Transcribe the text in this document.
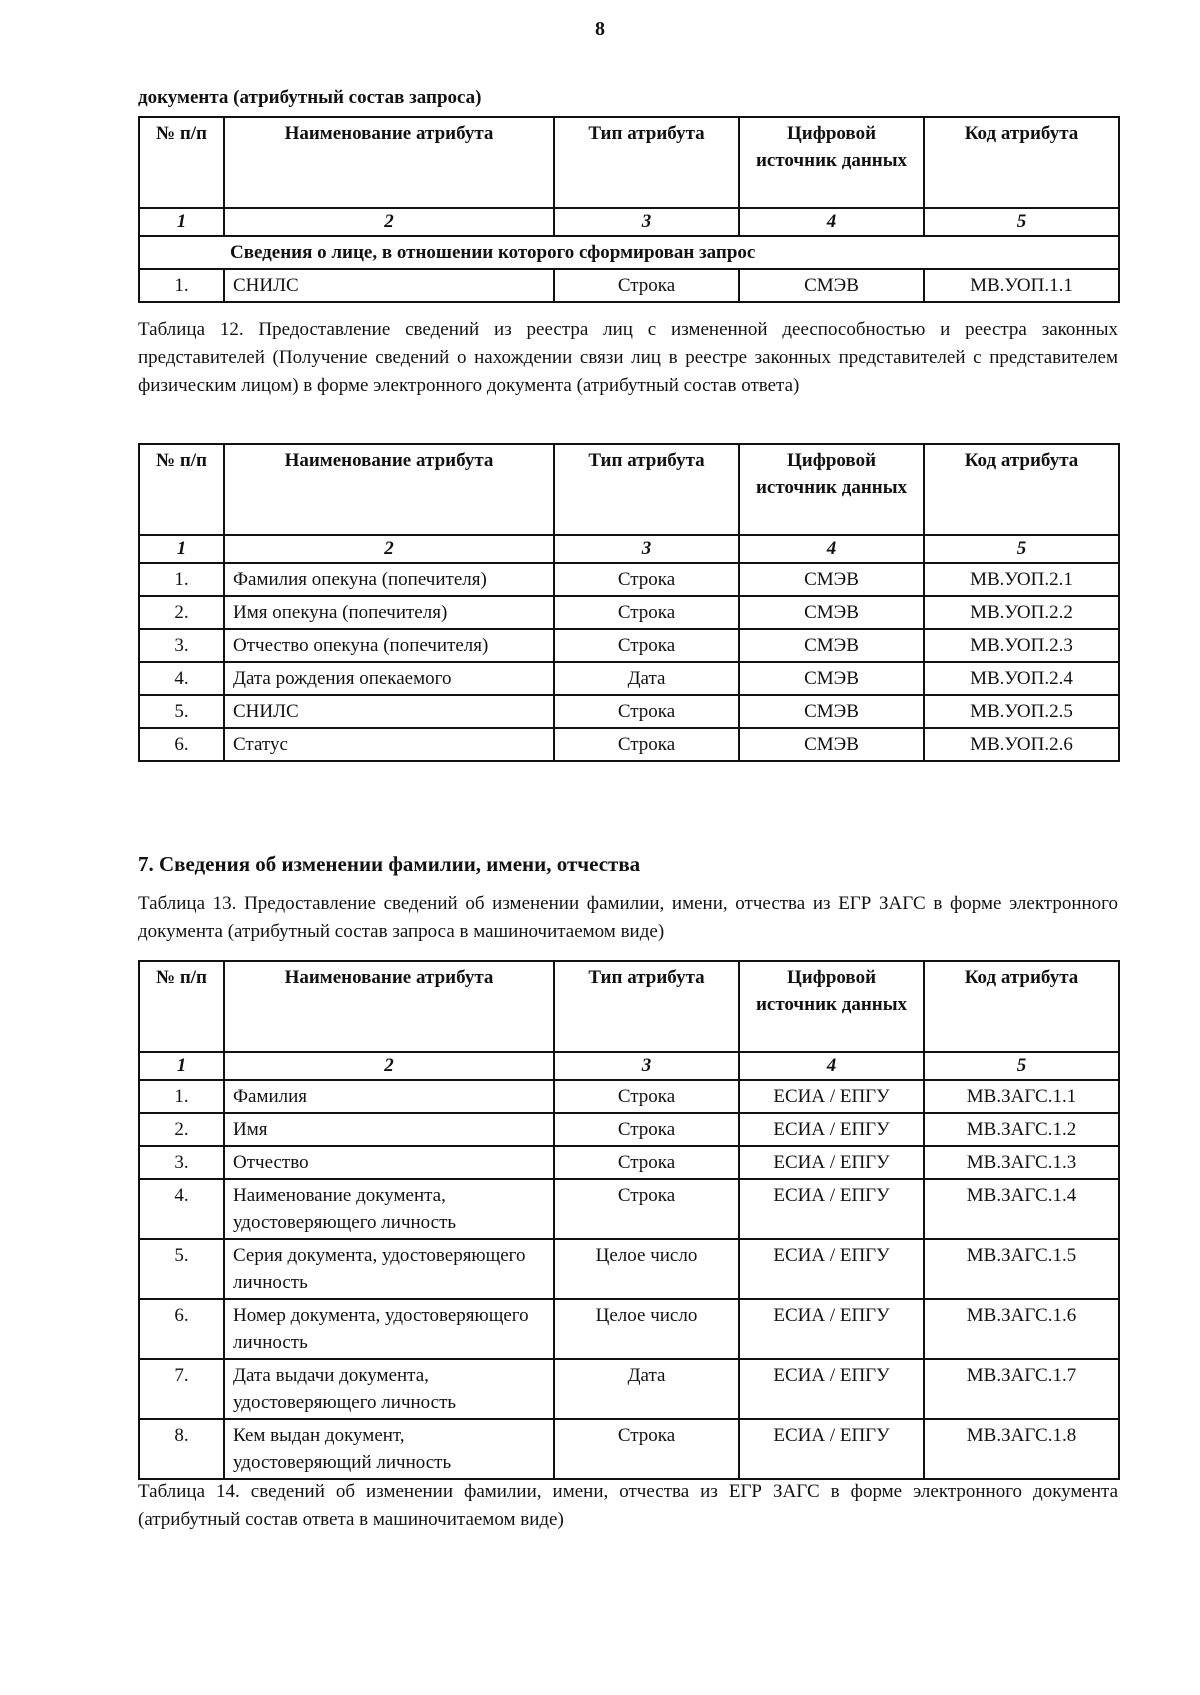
8

документа (атрибутный состав запроса)

№ п/п	Наименование атрибута	Тип атрибута	Цифровой источник данных	Код атрибута
1	2	3	4	5
Сведения о лице, в отношении которого сформирован запрос				
1.	СНИЛС	Строка	СМЭВ	МВ.УОП.1.1

Таблица 12. Предоставление сведений из реестра лиц с измененной дееспособностью и реестра законных представителей (Получение сведений о нахождении связи лиц в реестре законных представителей с представителем физическим лицом) в форме электронного документа (атрибутный состав ответа)

№ п/п	Наименование атрибута	Тип атрибута	Цифровой источник данных	Код атрибута
1	2	3	4	5
1.	Фамилия опекуна (попечителя)	Строка	СМЭВ	МВ.УОП.2.1
2.	Имя опекуна (попечителя)	Строка	СМЭВ	МВ.УОП.2.2
3.	Отчество опекуна (попечителя)	Строка	СМЭВ	МВ.УОП.2.3
4.	Дата рождения опекаемого	Дата	СМЭВ	МВ.УОП.2.4
5.	СНИЛС	Строка	СМЭВ	МВ.УОП.2.5
6.	Статус	Строка	СМЭВ	МВ.УОП.2.6
7. Сведения об изменении фамилии, имени, отчества

Таблица 13. Предоставление сведений об изменении фамилии, имени, отчества из ЕГР ЗАГС в форме электронного документа (атрибутный состав запроса в машиночитаемом виде)

№ п/п	Наименование атрибута	Тип атрибута	Цифровой источник данных	Код атрибута
1	2	3	4	5
1.	Фамилия	Строка	ЕСИА / ЕПГУ	МВ.ЗАГС.1.1
2.	Имя	Строка	ЕСИА / ЕПГУ	МВ.ЗАГС.1.2
3.	Отчество	Строка	ЕСИА / ЕПГУ	МВ.ЗАГС.1.3
4.	Наименование документа, удостоверяющего личность	Строка	ЕСИА / ЕПГУ	МВ.ЗАГС.1.4
5.	Серия документа, удостоверяющего личность	Целое число	ЕСИА / ЕПГУ	МВ.ЗАГС.1.5
6.	Номер документа, удостоверяющего личность	Целое число	ЕСИА / ЕПГУ	МВ.ЗАГС.1.6
7.	Дата выдачи документа, удостоверяющего личность	Дата	ЕСИА / ЕПГУ	МВ.ЗАГС.1.7
8.	Кем выдан документ, удостоверяющий личность	Строка	ЕСИА / ЕПГУ	МВ.ЗАГС.1.8

Таблица 14. сведений об изменении фамилии, имени, отчества из ЕГР ЗАГС в форме электронного документа (атрибутный состав ответа в машиночитаемом виде)
